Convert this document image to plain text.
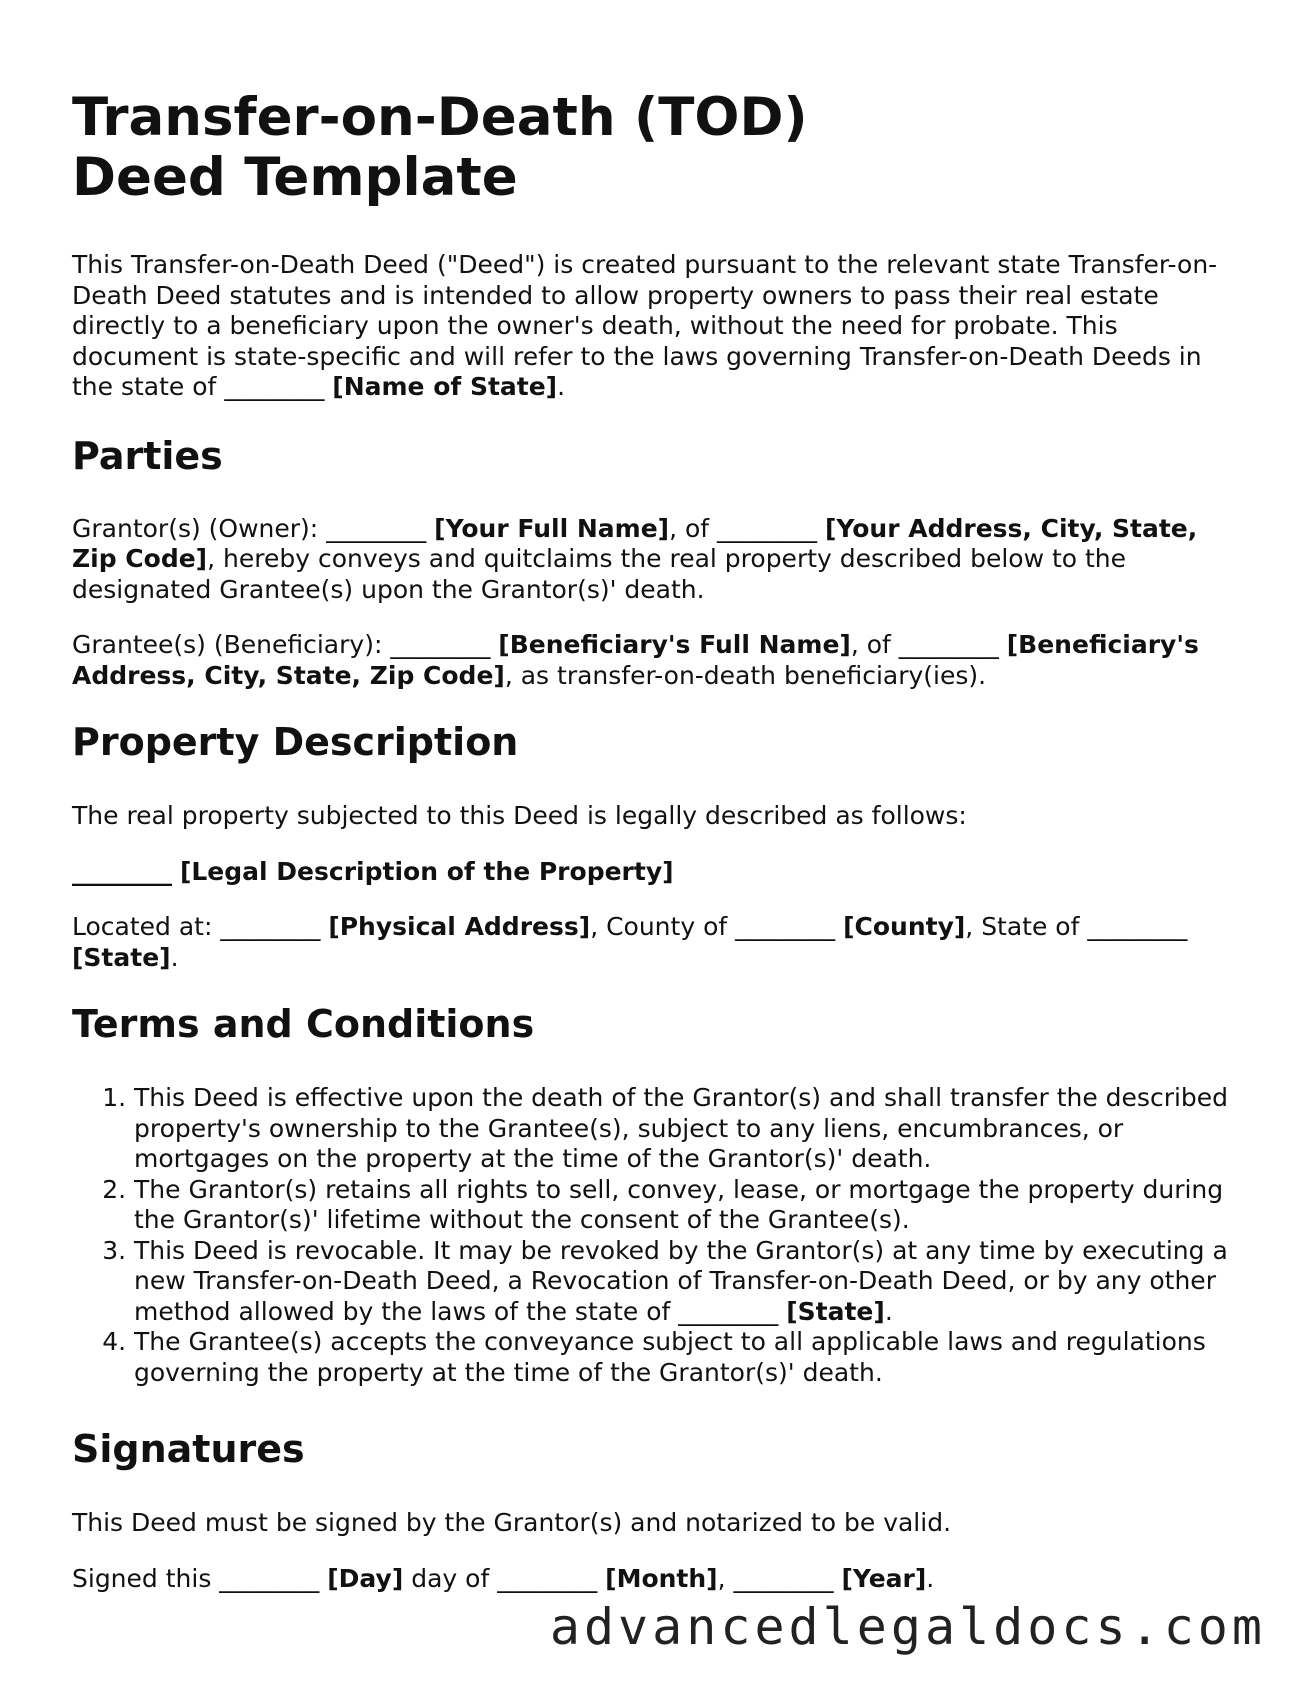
Transfer-on-Death (TOD) Deed Template

This Transfer-on-Death Deed ("Deed") is created pursuant to the relevant state Transfer-on-Death Deed statutes and is intended to allow property owners to pass their real estate directly to a beneficiary upon the owner's death, without the need for probate. This document is state-specific and will refer to the laws governing Transfer-on-Death Deeds in the state of ________ [Name of State].

Parties

Grantor(s) (Owner): ________ [Your Full Name], of ________ [Your Address, City, State, Zip Code], hereby conveys and quitclaims the real property described below to the designated Grantee(s) upon the Grantor(s)' death.

Grantee(s) (Beneficiary): ________ [Beneficiary's Full Name], of ________ [Beneficiary's Address, City, State, Zip Code], as transfer-on-death beneficiary(ies).

Property Description

The real property subjected to this Deed is legally described as follows:

________ [Legal Description of the Property]

Located at: ________ [Physical Address], County of ________ [County], State of ________ [State].

Terms and Conditions
1. This Deed is effective upon the death of the Grantor(s) and shall transfer the described property's ownership to the Grantee(s), subject to any liens, encumbrances, or mortgages on the property at the time of the Grantor(s)' death.
2. The Grantor(s) retains all rights to sell, convey, lease, or mortgage the property during the Grantor(s)' lifetime without the consent of the Grantee(s).
3. This Deed is revocable. It may be revoked by the Grantor(s) at any time by executing a new Transfer-on-Death Deed, a Revocation of Transfer-on-Death Deed, or by any other method allowed by the laws of the state of ________ [State].
4. The Grantee(s) accepts the conveyance subject to all applicable laws and regulations governing the property at the time of the Grantor(s)' death.
Signatures

This Deed must be signed by the Grantor(s) and notarized to be valid.

Signed this ________ [Day] day of ________ [Month], ________ [Year].

advancedlegaldocs.com
